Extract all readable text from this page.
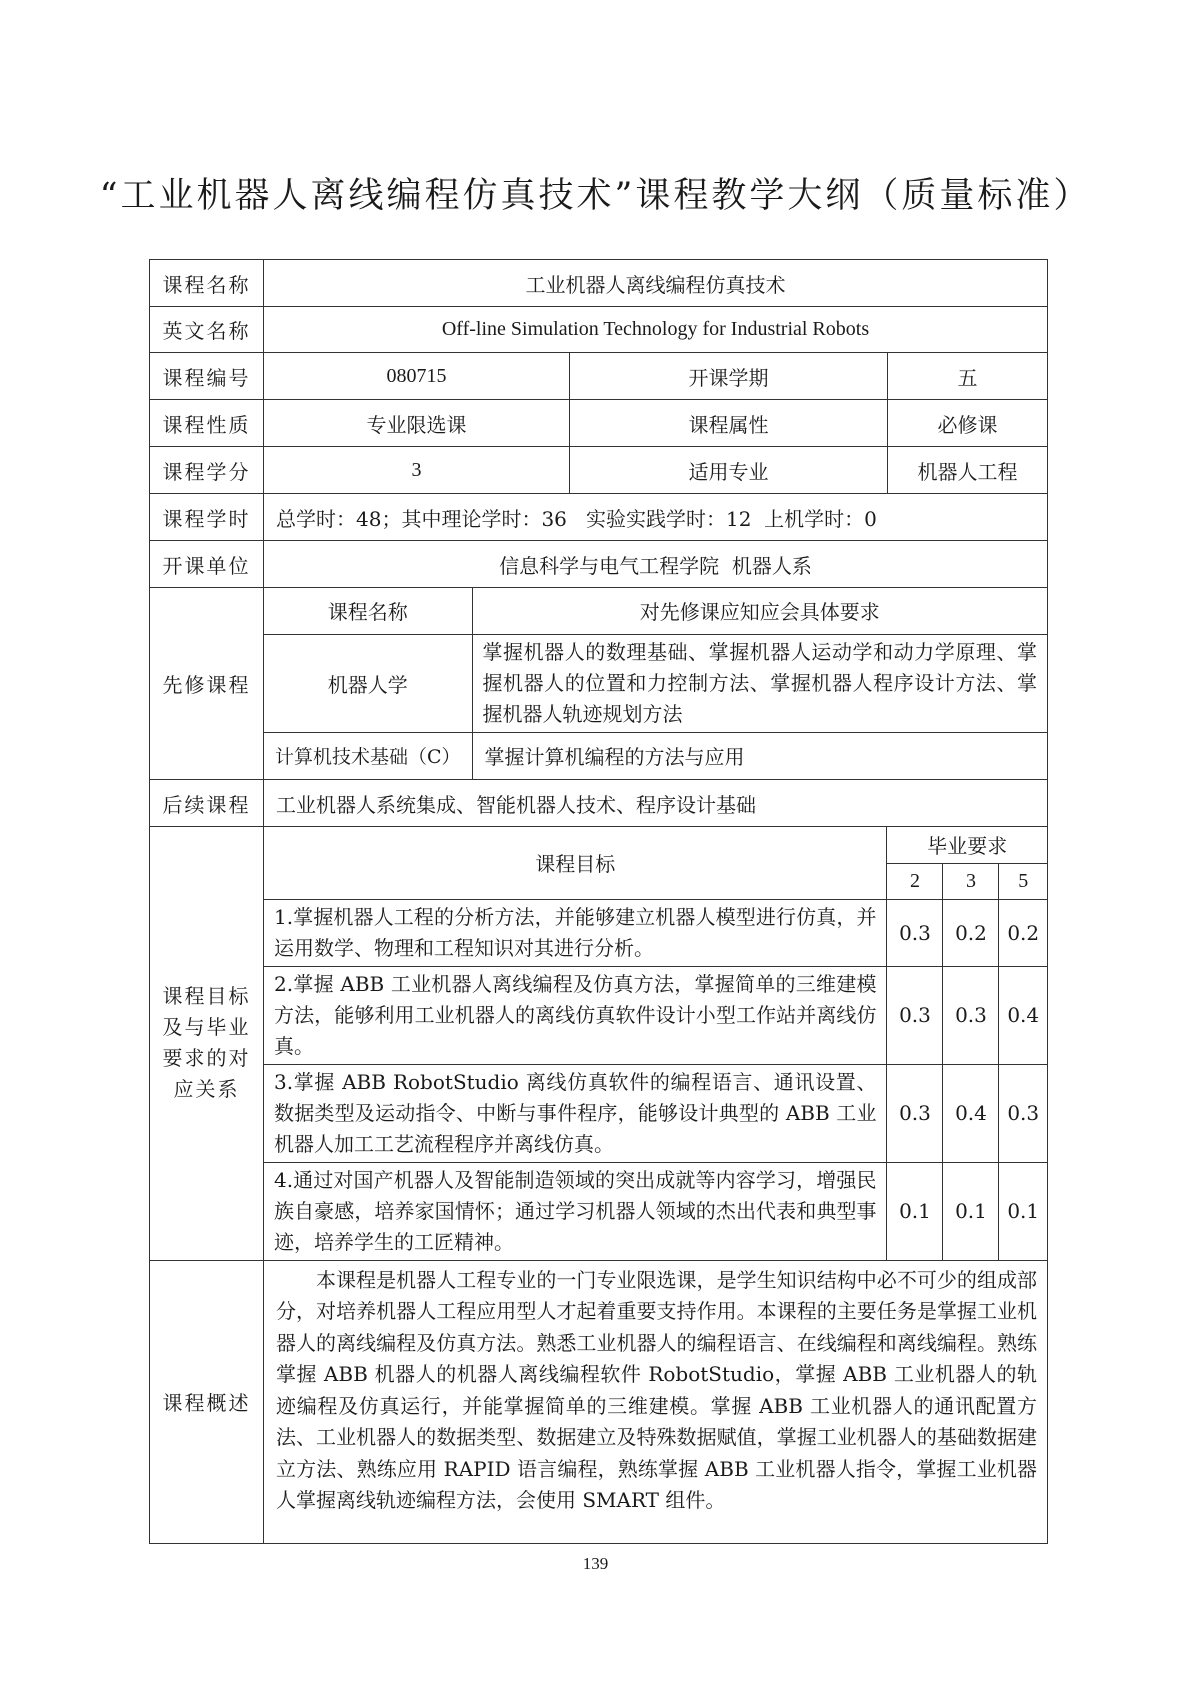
“工业机器人离线编程仿真技术”课程教学大纲（质量标准）
课程名称	工业机器人离线编程仿真技术
英文名称	Off-line Simulation Technology for Industrial Robots
课程编号	080715	开课学期	五
课程性质	专业限选课	课程属性	必修课
课程学分	3	适用专业	机器人工程
课程学时	总学时：48；其中理论学时：36   实验实践学时：12  上机学时：0
开课单位	信息科学与电气工程学院  机器人系
先修课程	
课程名称	对先修课应知应会具体要求
机器人学	掌握机器人的数理基础、掌握机器人运动学和动力学原理、掌握机器人的位置和力控制方法、掌握机器人程序设计方法、掌握机器人轨迹规划方法
计算机技术基础（C）	掌握计算机编程的方法与应用

后续课程	工业机器人系统集成、智能机器人技术、程序设计基础
课程目标及与毕业要求的对应关系	
课程目标	毕业要求
2	3	5
1.掌握机器人工程的分析方法，并能够建立机器人模型进行仿真，并运用数学、物理和工程知识对其进行分析。	0.3	0.2	0.2
2.掌握 ABB 工业机器人离线编程及仿真方法，掌握简单的三维建模方法，能够利用工业机器人的离线仿真软件设计小型工作站并离线仿真。	0.3	0.3	0.4
3.掌握 ABB RobotStudio 离线仿真软件的编程语言、通讯设置、数据类型及运动指令、中断与事件程序，能够设计典型的 ABB 工业机器人加工工艺流程程序并离线仿真。	0.3	0.4	0.3
4.通过对国产机器人及智能制造领域的突出成就等内容学习，增强民族自豪感，培养家国情怀；通过学习机器人领域的杰出代表和典型事迹，培养学生的工匠精神。	0.1	0.1	0.1

课程概述	

本课程是机器人工程专业的一门专业限选课，是学生知识结构中必不可少的组成部分，对培养机器人工程应用型人才起着重要支持作用。本课程的主要任务是掌握工业机器人的离线编程及仿真方法。熟悉工业机器人的编程语言、在线编程和离线编程。熟练掌握 ABB 机器人的机器人离线编程软件 RobotStudio，掌握 ABB 工业机器人的轨迹编程及仿真运行，并能掌握简单的三维建模。掌握 ABB 工业机器人的通讯配置方法、工业机器人的数据类型、数据建立及特殊数据赋值，掌握工业机器人的基础数据建立方法、熟练应用 RAPID 语言编程，熟练掌握 ABB 工业机器人指令，掌握工业机器人掌握离线轨迹编程方法，会使用 SMART 组件。

139
